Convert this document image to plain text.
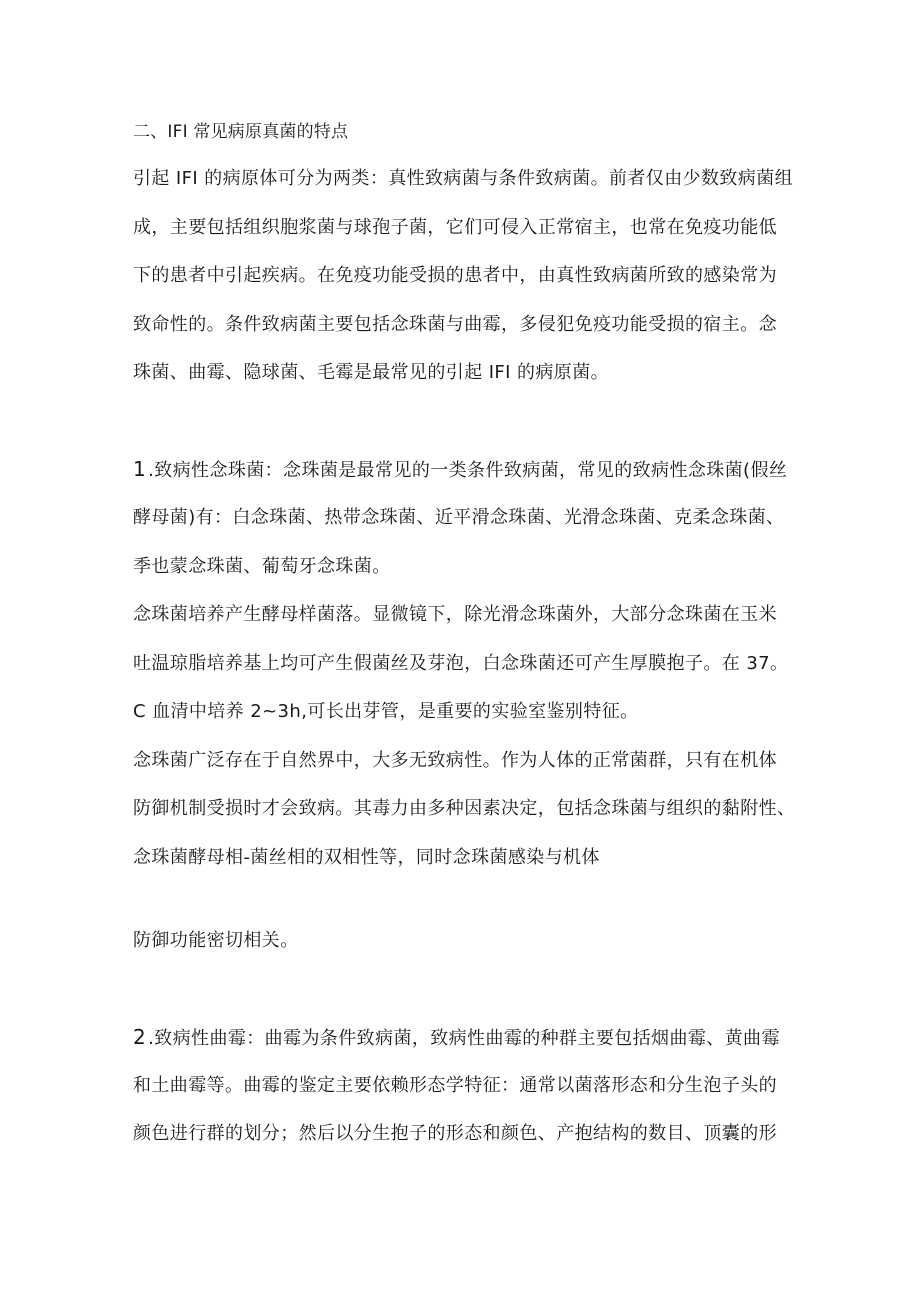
二、IFI 常见病原真菌的特点

引起 IFI 的病原体可分为两类：真性致病菌与条件致病菌。前者仅由少数致病菌组

成，主要包括组织胞浆菌与球孢子菌，它们可侵入正常宿主，也常在免疫功能低

下的患者中引起疾病。在免疫功能受损的患者中，由真性致病菌所致的感染常为

致命性的。条件致病菌主要包括念珠菌与曲霉，多侵犯免疫功能受损的宿主。念

珠菌、曲霉、隐球菌、毛霉是最常见的引起 IFI 的病原菌。

1 .致病性念珠菌：念珠菌是最常见的一类条件致病菌，常见的致病性念珠菌(假丝

酵母菌)有：白念珠菌、热带念珠菌、近平滑念珠菌、光滑念珠菌、克柔念珠菌、

季也蒙念珠菌、葡萄牙念珠菌。

念珠菌培养产生酵母样菌落。显微镜下，除光滑念珠菌外，大部分念珠菌在玉米

吐温琼脂培养基上均可产生假菌丝及芽泡，白念珠菌还可产生厚膜抱子。在 37。

C 血清中培养 2~3h,可长出芽管，是重要的实验室鉴别特征。

念珠菌广泛存在于自然界中，大多无致病性。作为人体的正常菌群，只有在机体

防御机制受损时才会致病。其毒力由多种因素决定，包括念珠菌与组织的黏附性、

念珠菌酵母相-菌丝相的双相性等，同时念珠菌感染与机体

防御功能密切相关。

2 .致病性曲霉：曲霉为条件致病菌，致病性曲霉的种群主要包括烟曲霉、黄曲霉

和土曲霉等。曲霉的鉴定主要依赖形态学特征：通常以菌落形态和分生泡子头的

颜色进行群的划分；然后以分生抱子的形态和颜色、产抱结构的数目、顶囊的形
